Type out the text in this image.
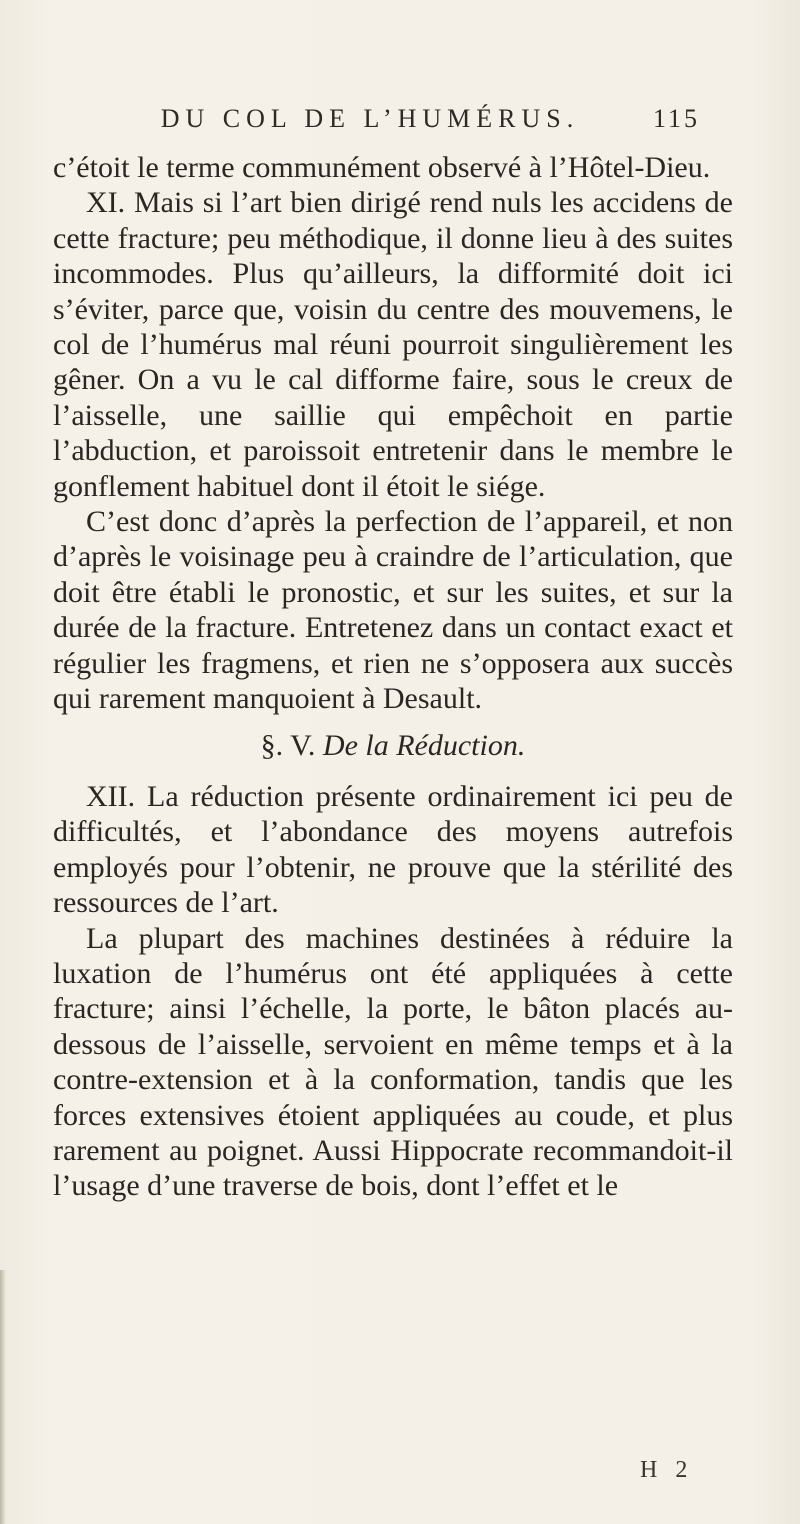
DU COL DE L’HUMÉRUS.	115

c’étoit le terme communément observé à l’Hôtel-Dieu.

XI. Mais si l’art bien dirigé rend nuls les accidens de cette fracture; peu méthodique, il donne lieu à des suites incommodes. Plus qu’ailleurs, la difformité doit ici s’éviter, parce que, voisin du centre des mouvemens, le col de l’humérus mal réuni pourroit singulièrement les gêner. On a vu le cal difforme faire, sous le creux de l’aisselle, une saillie qui empêchoit en partie l’abduction, et paroissoit entretenir dans le membre le gonflement habituel dont il étoit le siége.

C’est donc d’après la perfection de l’appareil, et non d’après le voisinage peu à craindre de l’articulation, que doit être établi le pronostic, et sur les suites, et sur la durée de la fracture. Entretenez dans un contact exact et régulier les fragmens, et rien ne s’opposera aux succès qui rarement manquoient à Desault.

§. V. De la Réduction.

XII. La réduction présente ordinairement ici peu de difficultés, et l’abondance des moyens autrefois employés pour l’obtenir, ne prouve que la stérilité des ressources de l’art.

La plupart des machines destinées à réduire la luxation de l’humérus ont été appliquées à cette fracture; ainsi l’échelle, la porte, le bâton placés au-dessous de l’aisselle, servoient en même temps et à la contre-extension et à la conformation, tandis que les forces extensives étoient appliquées au coude, et plus rarement au poignet. Aussi Hippocrate recommandoit-il l’usage d’une traverse de bois, dont l’effet et le

H 2
